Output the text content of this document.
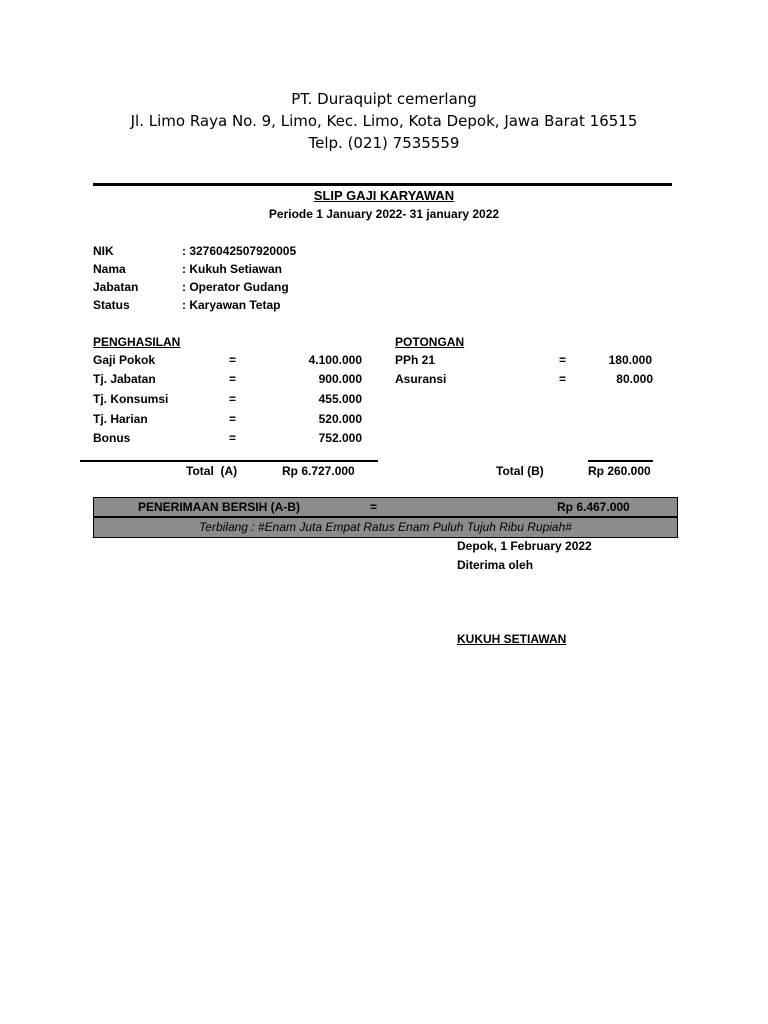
PT. Duraquipt cemerlang
Jl. Limo Raya No. 9, Limo, Kec. Limo, Kota Depok, Jawa Barat 16515
Telp. (021) 7535559
SLIP GAJI KARYAWAN
Periode 1 January 2022- 31 january 2022
NIK	: 3276042507920005
Nama	: Kukuh Setiawan
Jabatan	: Operator Gudang
Status	: Karyawan Tetap
PENGHASILAN
Gaji Pokok	=	4.100.000
Tj. Jabatan	=	900.000
Tj. Konsumsi	=	455.000
Tj. Harian	=	520.000
Bonus	=	752.000
Total  (A)	Rp 6.727.000
POTONGAN
PPh 21	=	180.000
Asuransi	=	80.000
Total (B)	Rp 260.000
PENERIMAAN BERSIH (A-B)	=	Rp 6.467.000
Terbilang : #Enam Juta Empat Ratus Enam Puluh Tujuh Ribu Rupiah#
Depok, 1 February 2022
Diterima oleh
KUKUH SETIAWAN
